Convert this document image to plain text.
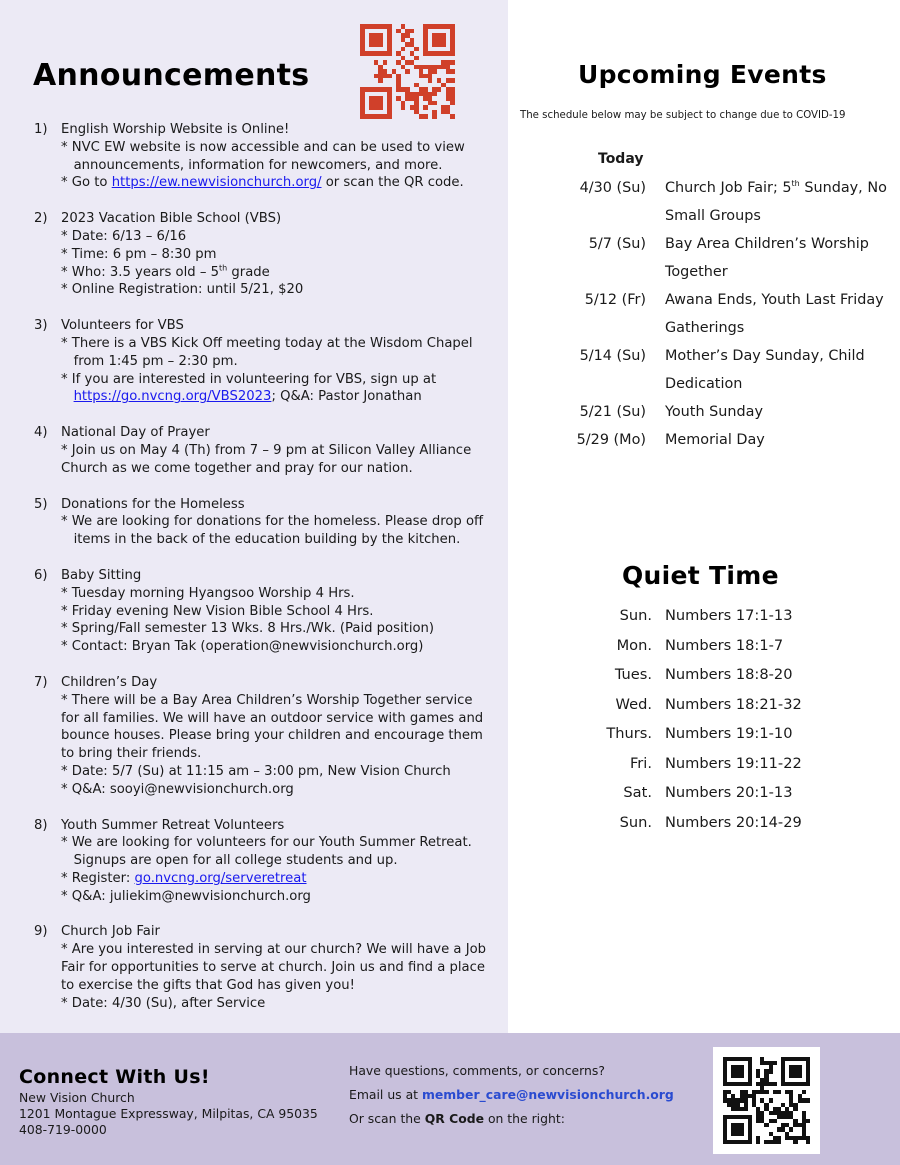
Announcements
1) English Worship Website is Online!
* NVC EW website is now accessible and can be used to view
announcements, information for newcomers, and more.
* Go to https://ew.newvisionchurch.org/ or scan the QR code.
2) 2023 Vacation Bible School (VBS)
* Date: 6/13 – 6/16
* Time: 6 pm – 8:30 pm
* Who: 3.5 years old – 5th grade
* Online Registration: until 5/21, $20
3) Volunteers for VBS
* There is a VBS Kick Off meeting today at the Wisdom Chapel
from 1:45 pm – 2:30 pm.
* If you are interested in volunteering for VBS, sign up at
https://go.nvcng.org/VBS2023; Q&A: Pastor Jonathan
4) National Day of Prayer
* Join us on May 4 (Th) from 7 – 9 pm at Silicon Valley Alliance
Church as we come together and pray for our nation.
5) Donations for the Homeless
* We are looking for donations for the homeless. Please drop off
items in the back of the education building by the kitchen.
6) Baby Sitting
* Tuesday morning Hyangsoo Worship 4 Hrs.
* Friday evening New Vision Bible School 4 Hrs.
* Spring/Fall semester 13 Wks. 8 Hrs./Wk. (Paid position)
* Contact: Bryan Tak (operation@newvisionchurch.org)
7) Children’s Day
* There will be a Bay Area Children’s Worship Together service
for all families. We will have an outdoor service with games and
bounce houses. Please bring your children and encourage them
to bring their friends.
* Date: 5/7 (Su) at 11:15 am – 3:00 pm, New Vision Church
* Q&A: sooyi@newvisionchurch.org
8) Youth Summer Retreat Volunteers
* We are looking for volunteers for our Youth Summer Retreat.
Signups are open for all college students and up.
* Register: go.nvcng.org/serveretreat
* Q&A: juliekim@newvisionchurch.org
9) Church Job Fair
* Are you interested in serving at our church? We will have a Job
Fair for opportunities to serve at church. Join us and find a place
to exercise the gifts that God has given you!
* Date: 4/30 (Su), after Service
Upcoming Events
The schedule below may be subject to change due to COVID-19
Today
4/30 (Su) Church Job Fair; 5th Sunday, No Small Groups
5/7 (Su) Bay Area Children’s Worship Together
5/12 (Fr) Awana Ends, Youth Last Friday Gatherings
5/14 (Su) Mother’s Day Sunday, Child Dedication
5/21 (Su) Youth Sunday
5/29 (Mo) Memorial Day
Quiet Time
Sun. Numbers 17:1-13
Mon. Numbers 18:1-7
Tues. Numbers 18:8-20
Wed. Numbers 18:21-32
Thurs. Numbers 19:1-10
Fri. Numbers 19:11-22
Sat. Numbers 20:1-13
Sun. Numbers 20:14-29
Connect With Us!
New Vision Church
1201 Montague Expressway, Milpitas, CA 95035
408-719-0000
Have questions, comments, or concerns?
Email us at member_care@newvisionchurch.org
Or scan the QR Code on the right:
